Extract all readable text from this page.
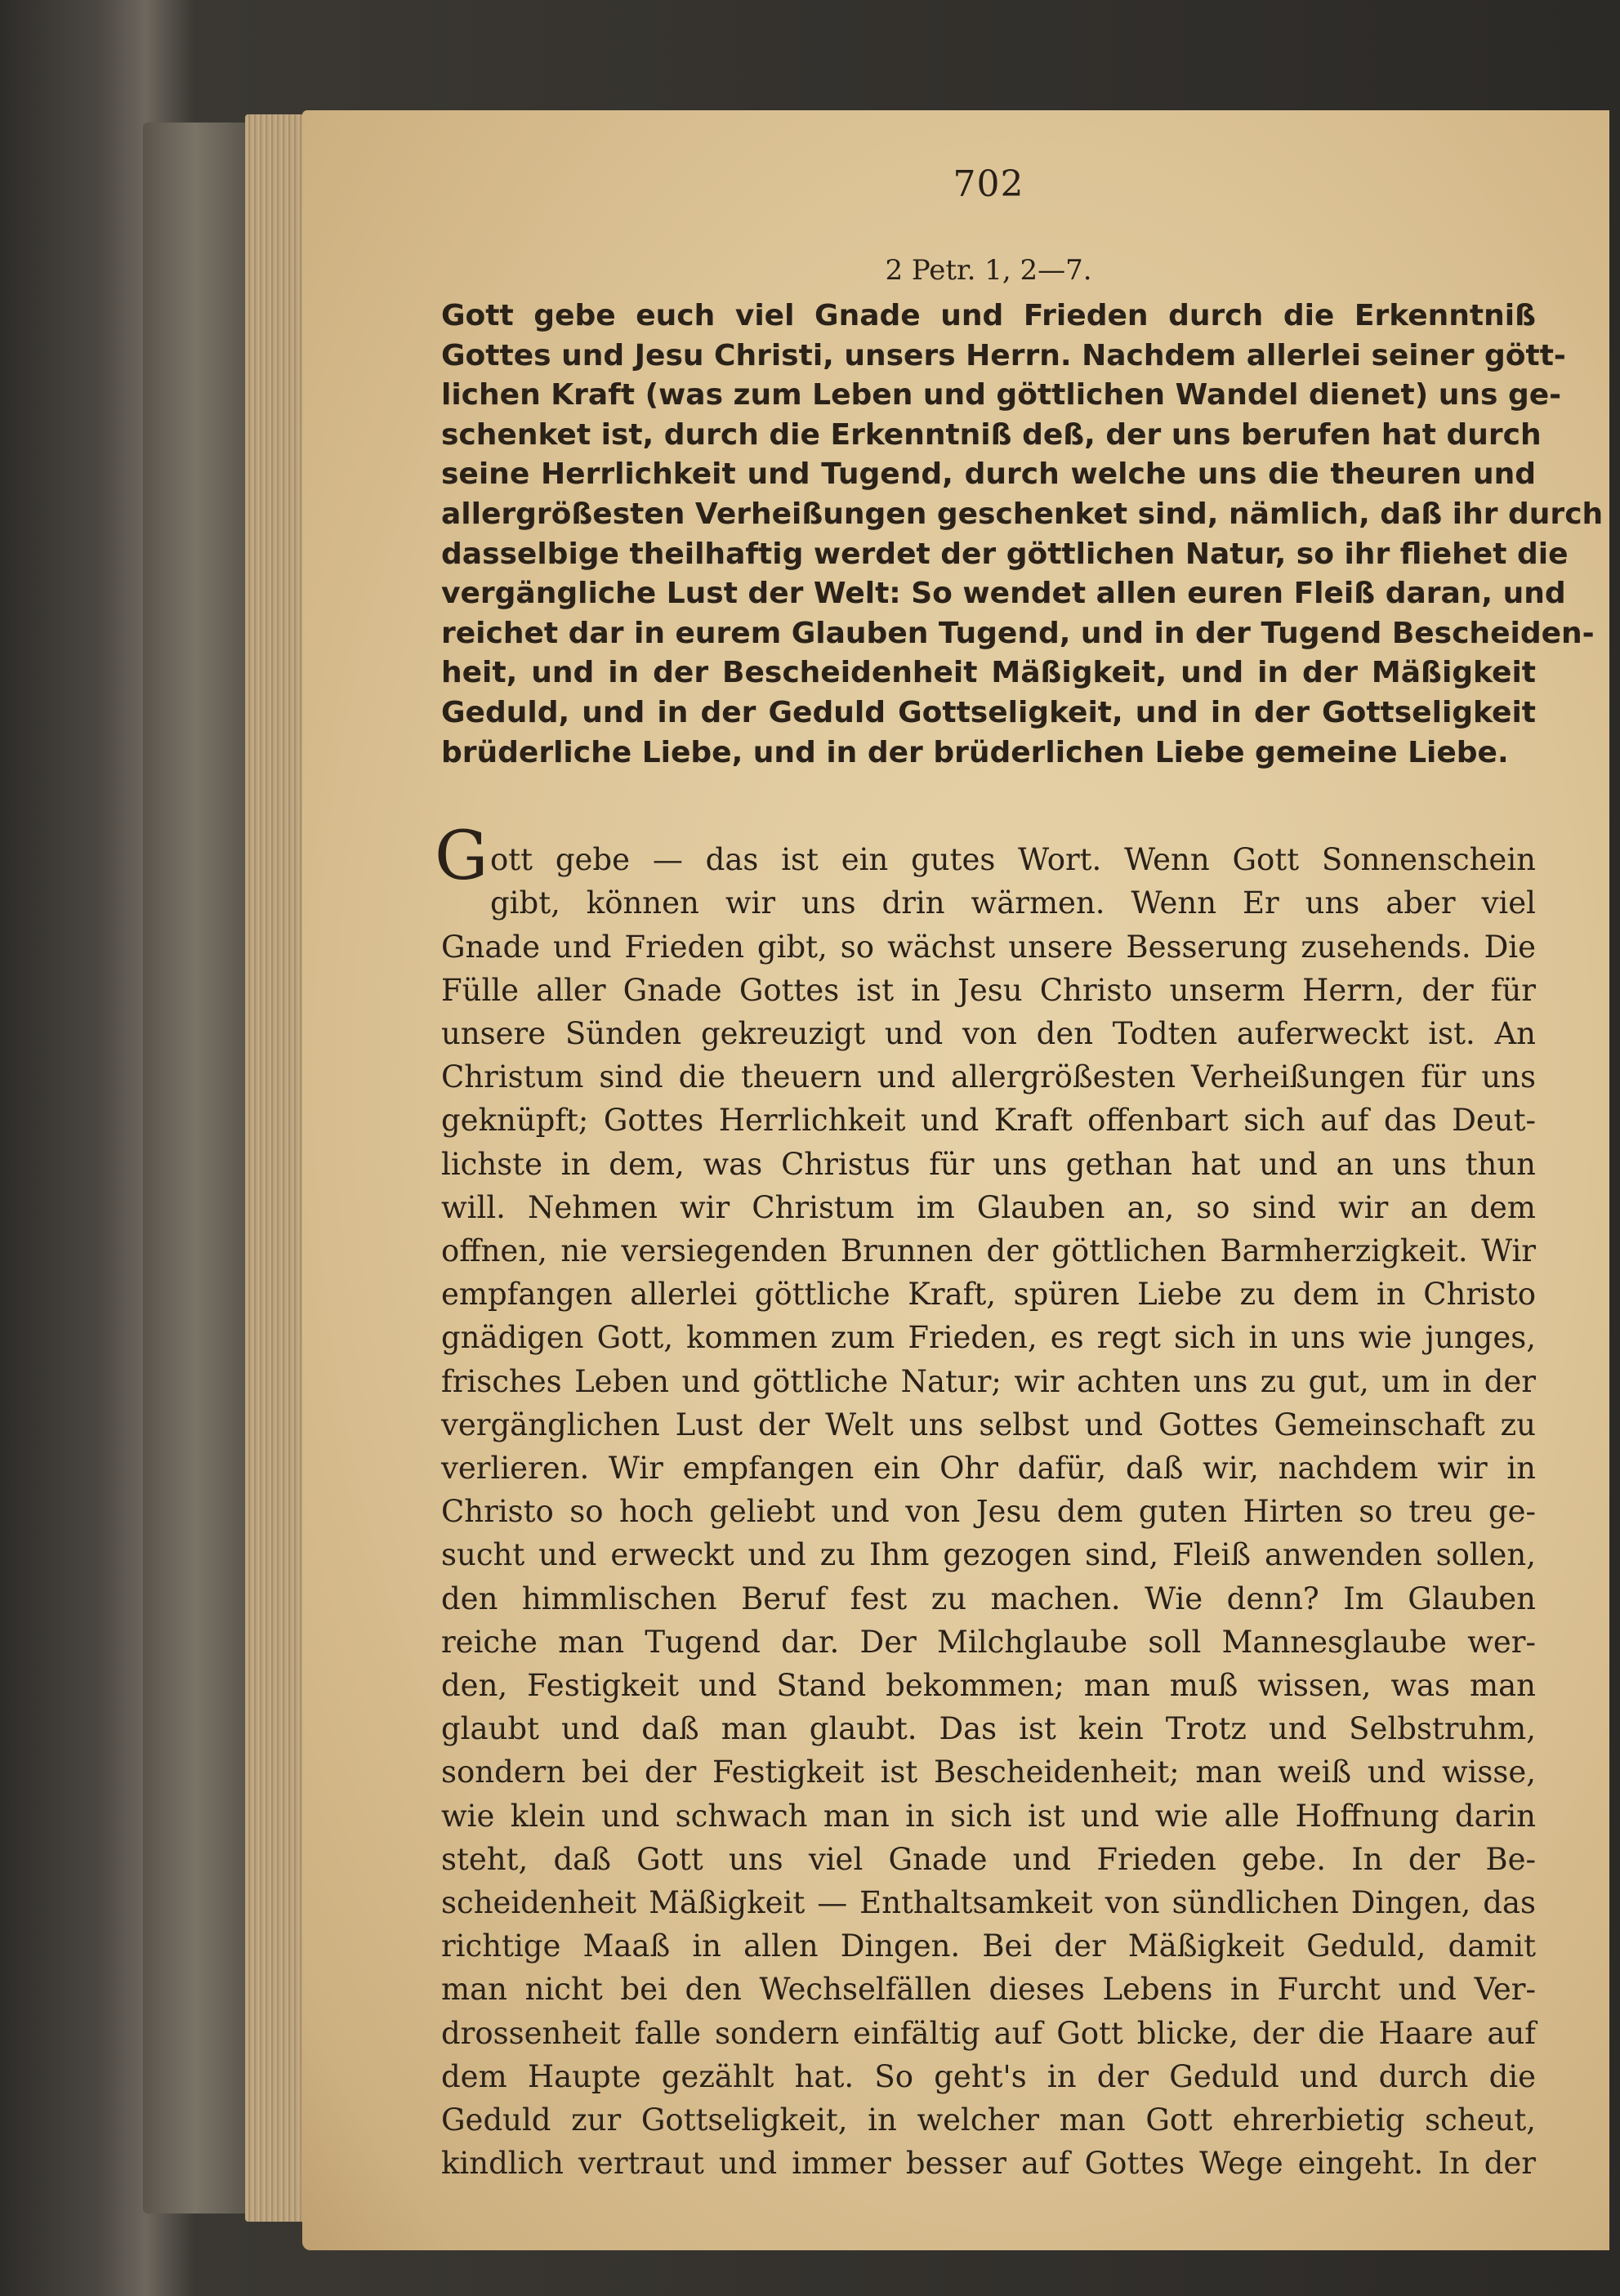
702
2 Petr. 1, 2—7.
Gott gebe euch viel Gnade und Frieden durch die Erkenntniß
Gottes und Jesu Christi, unsers Herrn. Nachdem allerlei seiner gött-
lichen Kraft (was zum Leben und göttlichen Wandel dienet) uns ge-
schenket ist, durch die Erkenntniß deß, der uns berufen hat durch
seine Herrlichkeit und Tugend, durch welche uns die theuren und
allergrößesten Verheißungen geschenket sind, nämlich, daß ihr durch
dasselbige theilhaftig werdet der göttlichen Natur, so ihr fliehet die
vergängliche Lust der Welt: So wendet allen euren Fleiß daran, und
reichet dar in eurem Glauben Tugend, und in der Tugend Bescheiden-
heit, und in der Bescheidenheit Mäßigkeit, und in der Mäßigkeit
Geduld, und in der Geduld Gottseligkeit, und in der Gottseligkeit
brüderliche Liebe, und in der brüderlichen Liebe gemeine Liebe.
G ott gebe — das ist ein gutes Wort. Wenn Gott Sonnenschein
gibt, können wir uns drin wärmen. Wenn Er uns aber viel
Gnade und Frieden gibt, so wächst unsere Besserung zusehends. Die
Fülle aller Gnade Gottes ist in Jesu Christo unserm Herrn, der für
unsere Sünden gekreuzigt und von den Todten auferweckt ist. An
Christum sind die theuern und allergrößesten Verheißungen für uns
geknüpft; Gottes Herrlichkeit und Kraft offenbart sich auf das Deut-
lichste in dem, was Christus für uns gethan hat und an uns thun
will. Nehmen wir Christum im Glauben an, so sind wir an dem
offnen, nie versiegenden Brunnen der göttlichen Barmherzigkeit. Wir
empfangen allerlei göttliche Kraft, spüren Liebe zu dem in Christo
gnädigen Gott, kommen zum Frieden, es regt sich in uns wie junges,
frisches Leben und göttliche Natur; wir achten uns zu gut, um in der
vergänglichen Lust der Welt uns selbst und Gottes Gemeinschaft zu
verlieren. Wir empfangen ein Ohr dafür, daß wir, nachdem wir in
Christo so hoch geliebt und von Jesu dem guten Hirten so treu ge-
sucht und erweckt und zu Ihm gezogen sind, Fleiß anwenden sollen,
den himmlischen Beruf fest zu machen. Wie denn? Im Glauben
reiche man Tugend dar. Der Milchglaube soll Mannesglaube wer-
den, Festigkeit und Stand bekommen; man muß wissen, was man
glaubt und daß man glaubt. Das ist kein Trotz und Selbstruhm,
sondern bei der Festigkeit ist Bescheidenheit; man weiß und wisse,
wie klein und schwach man in sich ist und wie alle Hoffnung darin
steht, daß Gott uns viel Gnade und Frieden gebe. In der Be-
scheidenheit Mäßigkeit — Enthaltsamkeit von sündlichen Dingen, das
richtige Maaß in allen Dingen. Bei der Mäßigkeit Geduld, damit
man nicht bei den Wechselfällen dieses Lebens in Furcht und Ver-
drossenheit falle sondern einfältig auf Gott blicke, der die Haare auf
dem Haupte gezählt hat. So geht's in der Geduld und durch die
Geduld zur Gottseligkeit, in welcher man Gott ehrerbietig scheut,
kindlich vertraut und immer besser auf Gottes Wege eingeht. In der
